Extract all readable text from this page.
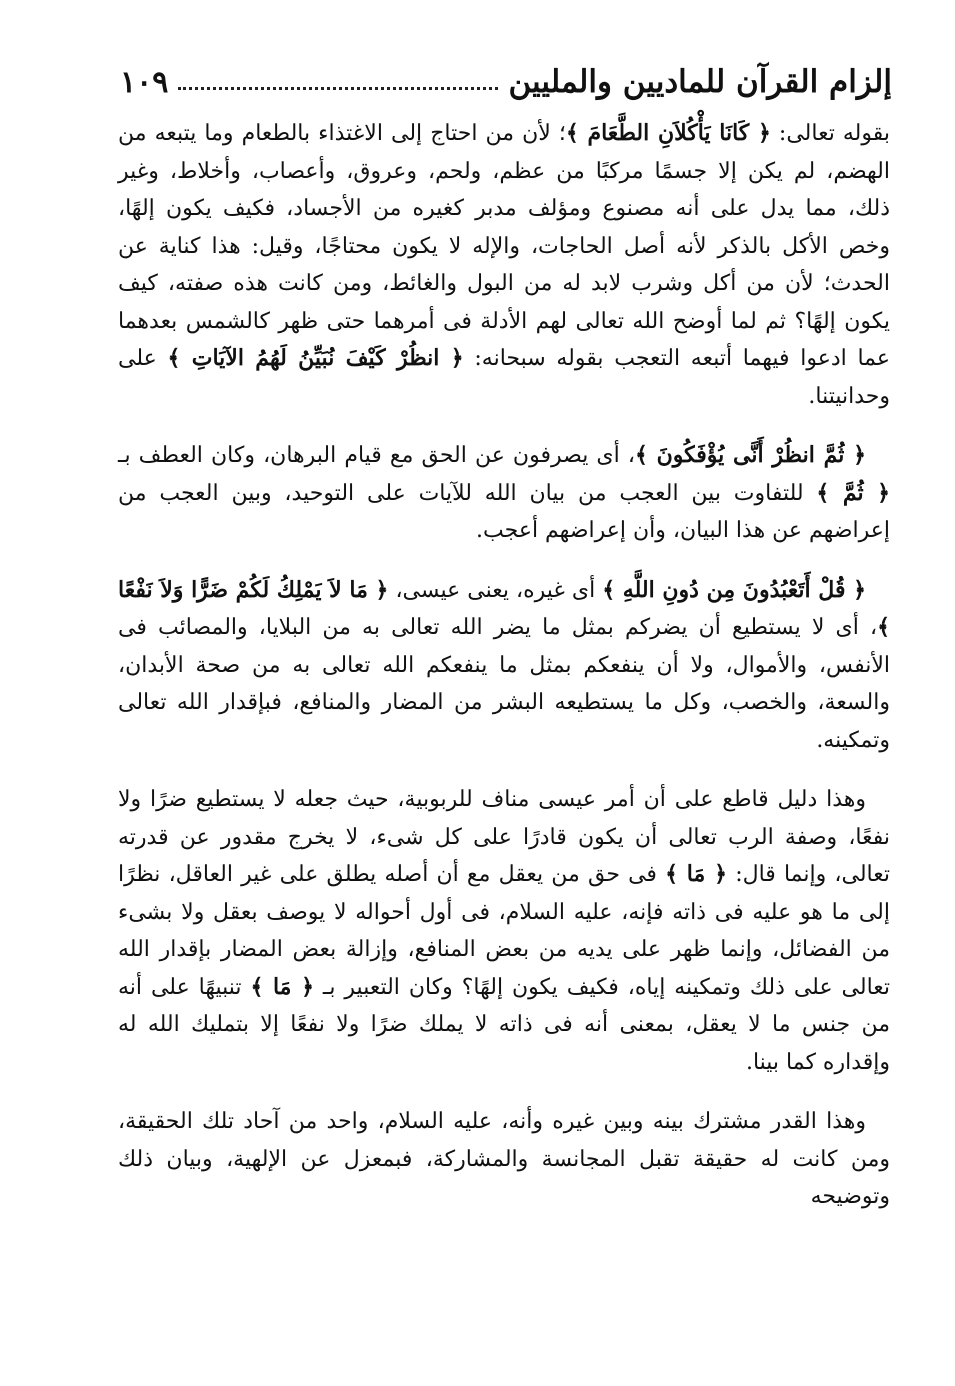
إلزام القرآن للماديين والمليين
١٠٩

بقوله تعالى: ﴿ كَانَا يَأْكُلاَنِ الطَّعَامَ ﴾؛ لأن من احتاج إلى الاغتذاء بالطعام وما يتبعه من الهضم، لم يكن إلا جسمًا مركبًا من عظم، ولحم، وعروق، وأعصاب، وأخلاط، وغير ذلك، مما يدل على أنه مصنوع ومؤلف مدبر كغيره من الأجساد، فكيف يكون إلهًا، وخص الأكل بالذكر لأنه أصل الحاجات، والإله لا يكون محتاجًا، وقيل: هذا كناية عن الحدث؛ لأن من أكل وشرب لابد له من البول والغائط، ومن كانت هذه صفته، كيف يكون إلهًا؟ ثم لما أوضح الله تعالى لهم الأدلة فى أمرهما حتى ظهر كالشمس بعدهما عما ادعوا فيهما أتبعه التعجب بقوله سبحانه: ﴿ انظُرْ كَيْفَ نُبَيِّنُ لَهُمُ الآيَاتِ ﴾ على وحدانيتنا.

﴿ ثُمَّ انظُرْ أَنَّى يُؤْفَكُونَ ﴾، أى يصرفون عن الحق مع قيام البرهان، وكان العطف بـ ﴿ ثُمَّ ﴾ للتفاوت بين العجب من بيان الله للآيات على التوحيد، وبين العجب من إعراضهم عن هذا البيان، وأن إعراضهم أعجب.

﴿ قُلْ أَتَعْبُدُونَ مِن دُونِ اللَّهِ ﴾ أى غيره، يعنى عيسى، ﴿ مَا لاَ يَمْلِكُ لَكُمْ ضَرًّا وَلاَ نَفْعًا ﴾، أى لا يستطيع أن يضركم بمثل ما يضر الله تعالى به من البلايا، والمصائب فى الأنفس، والأموال، ولا أن ينفعكم بمثل ما ينفعكم الله تعالى به من صحة الأبدان، والسعة، والخصب، وكل ما يستطيعه البشر من المضار والمنافع، فبإقدار الله تعالى وتمكينه.

وهذا دليل قاطع على أن أمر عيسى مناف للربوبية، حيث جعله لا يستطيع ضرًا ولا نفعًا، وصفة الرب تعالى أن يكون قادرًا على كل شىء، لا يخرج مقدور عن قدرته تعالى، وإنما قال: ﴿ مَا ﴾ فى حق من يعقل مع أن أصله يطلق على غير العاقل، نظرًا إلى ما هو عليه فى ذاته فإنه، عليه السلام، فى أول أحواله لا يوصف بعقل ولا بشىء من الفضائل، وإنما ظهر على يديه من بعض المنافع، وإزالة بعض المضار بإقدار الله تعالى على ذلك وتمكينه إياه، فكيف يكون إلهًا؟ وكان التعبير بـ ﴿ مَا ﴾ تنبيهًا على أنه من جنس ما لا يعقل، بمعنى أنه فى ذاته لا يملك ضرًا ولا نفعًا إلا بتمليك الله له وإقداره كما بينا.

وهذا القدر مشترك بينه وبين غيره وأنه، عليه السلام، واحد من آحاد تلك الحقيقة، ومن كانت له حقيقة تقبل المجانسة والمشاركة، فبمعزل عن الإلهية، وبيان ذلك وتوضيحه
